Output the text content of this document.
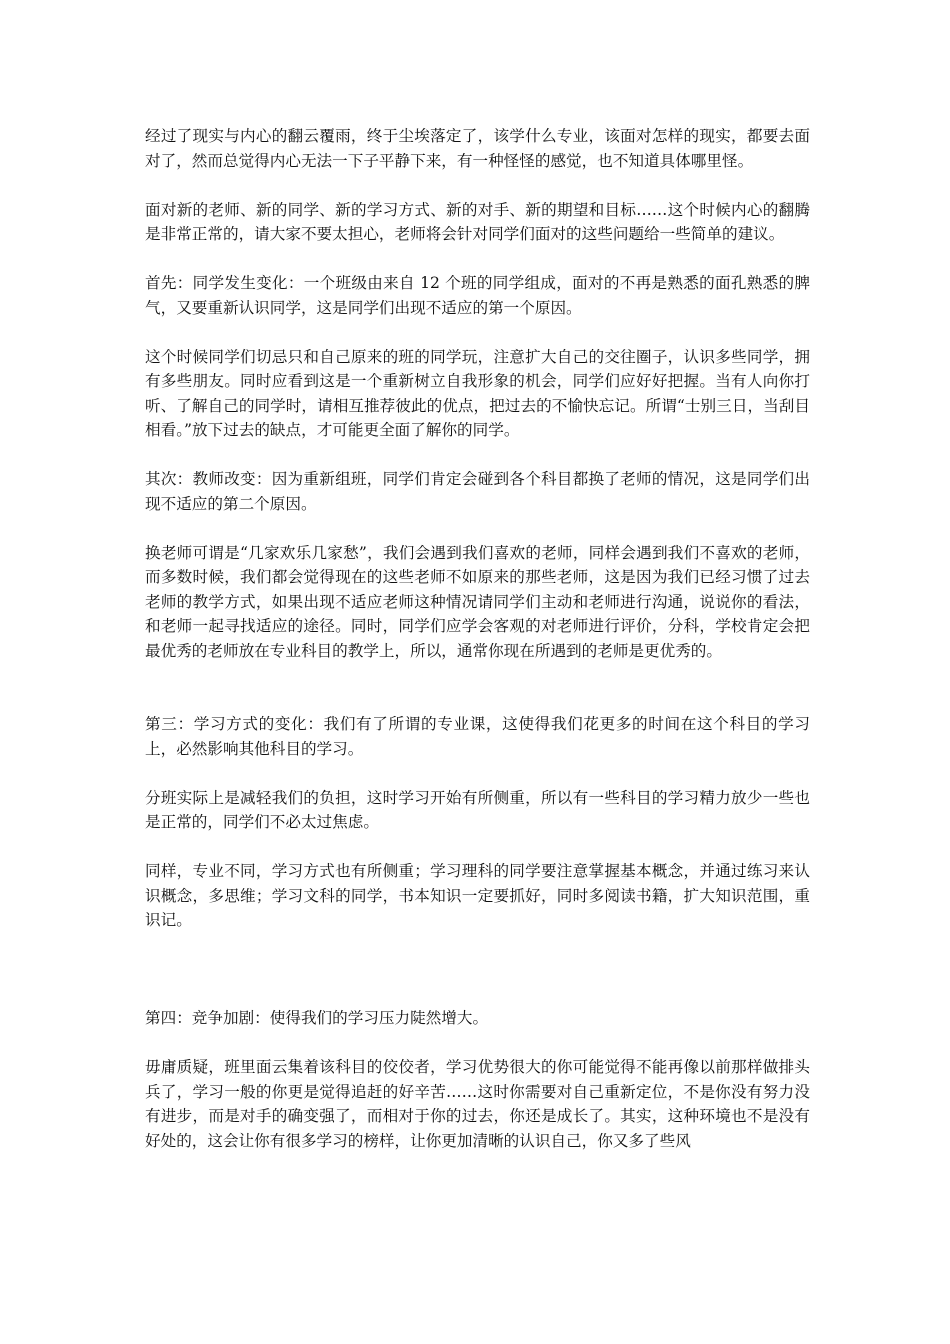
经过了现实与内心的翻云覆雨，终于尘埃落定了，该学什么专业，该面对怎样的现实，都要去面对了，然而总觉得内心无法一下子平静下来，有一种怪怪的感觉，也不知道具体哪里怪。

面对新的老师、新的同学、新的学习方式、新的对手、新的期望和目标……这个时候内心的翻腾是非常正常的，请大家不要太担心，老师将会针对同学们面对的这些问题给一些简单的建议。

首先：同学发生变化：一个班级由来自 12 个班的同学组成，面对的不再是熟悉的面孔熟悉的脾气，又要重新认识同学，这是同学们出现不适应的第一个原因。

这个时候同学们切忌只和自己原来的班的同学玩，注意扩大自己的交往圈子，认识多些同学，拥有多些朋友。同时应看到这是一个重新树立自我形象的机会，同学们应好好把握。当有人向你打听、了解自己的同学时，请相互推荐彼此的优点，把过去的不愉快忘记。所谓“士别三日，当刮目相看。”放下过去的缺点，才可能更全面了解你的同学。

其次：教师改变：因为重新组班，同学们肯定会碰到各个科目都换了老师的情况，这是同学们出现不适应的第二个原因。

换老师可谓是“几家欢乐几家愁”，我们会遇到我们喜欢的老师，同样会遇到我们不喜欢的老师，而多数时候，我们都会觉得现在的这些老师不如原来的那些老师，这是因为我们已经习惯了过去老师的教学方式，如果出现不适应老师这种情况请同学们主动和老师进行沟通，说说你的看法，和老师一起寻找适应的途径。同时，同学们应学会客观的对老师进行评价，分科，学校肯定会把最优秀的老师放在专业科目的教学上，所以，通常你现在所遇到的老师是更优秀的。

第三：学习方式的变化：我们有了所谓的专业课，这使得我们花更多的时间在这个科目的学习上，必然影响其他科目的学习。

分班实际上是减轻我们的负担，这时学习开始有所侧重，所以有一些科目的学习精力放少一些也是正常的，同学们不必太过焦虑。

同样，专业不同，学习方式也有所侧重；学习理科的同学要注意掌握基本概念，并通过练习来认识概念，多思维；学习文科的同学，书本知识一定要抓好，同时多阅读书籍，扩大知识范围，重识记。

第四：竞争加剧：使得我们的学习压力陡然增大。

毋庸质疑，班里面云集着该科目的佼佼者，学习优势很大的你可能觉得不能再像以前那样做排头兵了，学习一般的你更是觉得追赶的好辛苦……这时你需要对自己重新定位，不是你没有努力没有进步，而是对手的确变强了，而相对于你的过去，你还是成长了。其实，这种环境也不是没有好处的，这会让你有很多学习的榜样，让你更加清晰的认识自己，你又多了些风
